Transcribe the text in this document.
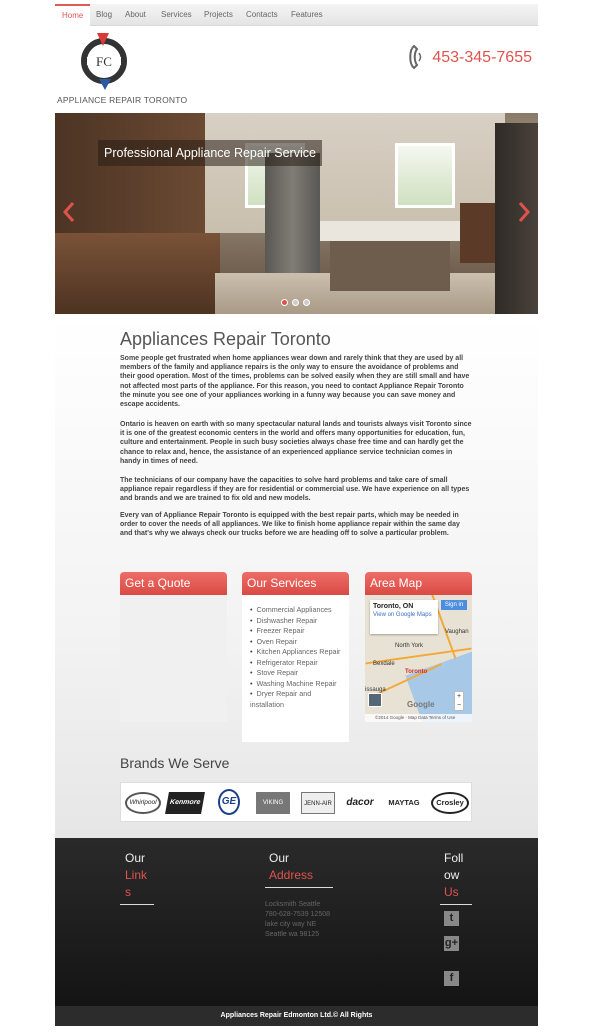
Home	Blog	About	Services	Projects	Contacts	Features
FC
APPLIANCE REPAIR TORONTO
453-345-7655
Professional Appliance Repair Service
Appliances Repair Toronto

Some people get frustrated when home appliances wear down and rarely think that they are used by all members of the family and appliance repairs is the only way to ensure the avoidance of problems and their good operation. Most of the times, problems can be solved easily when they are still small and have not affected most parts of the appliance. For this reason, you need to contact Appliance Repair Toronto the minute you see one of your appliances working in a funny way because you can save money and escape accidents.

Ontario is heaven on earth with so many spectacular natural lands and tourists always visit Toronto since it is one of the greatest economic centers in the world and offers many opportunities for education, fun, culture and entertainment. People in such busy societies always chase free time and can hardly get the chance to relax and, hence, the assistance of an experienced appliance service technician comes in handy in times of need.

The technicians of our company have the capacities to solve hard problems and take care of small appliance repair regardless if they are for residential or commercial use. We have experience on all types and brands and we are trained to fix old and new models.

Every van of Appliance Repair Toronto is equipped with the best repair parts, which may be needed in order to cover the needs of all appliances. We like to finish home appliance repair within the same day and that's why we always check our trucks before we are heading off to solve a particular problem.

Get a Quote	Our Services
• Commercial Appliances
• Dishwasher Repair
• Freezer Repair
• Oven Repair
• Kitchen Appliances Repair
• Refrigerator Repair
• Stove Repair
• Washing Machine Repair
• Dryer Repair and installation
Area Map
Toronto, ON
View on Google Maps
Sign in
North York
Toronto
Bexdale
issauga
Vaughan
+
−
Google
©2014 Google · Map Data Terms of Use
Brands We Serve
Whirlpool	Kenmore	GE	VIKING	JENN-AIR	dacor	MAYTAG	Crosley
Our
Link
s
Our
Address
Locksmith Seattle
780-628-7539 12508
lake city way NE
Seattle wa 98125
Foll
ow
Us
t
g+
f
Appliances Repair Edmonton Ltd.© All Rights
